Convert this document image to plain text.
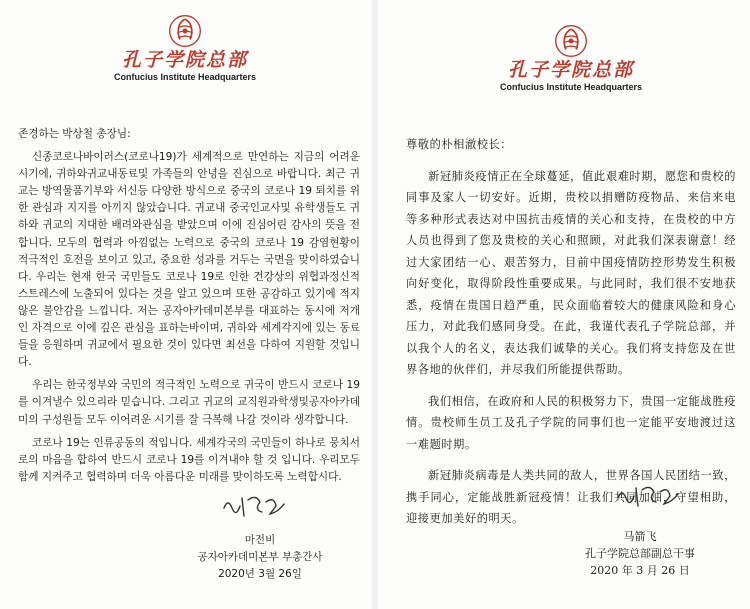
孔子学院总部
Confucius Institute Headquarters

존경하는 박상철 총장님:

신종코로나바이러스(코로나19)가 세계적으로 만연하는 지금의 어려운시기에, 귀하와귀교내동료및 가족들의 안녕을 진심으로 바랍니다. 최근 귀교는 방역물품기부와 서신등 다양한 방식으로 중국의 코로나 19 퇴치를 위한 관심과 지지를 아끼지 않았습니다. 귀교내 중국인교사및 유학생들도 귀하와 귀교의 지대한 배려와관심을 받았으며 이에 진심어린 감사의 뜻을 전합니다. 모두의 협력과 아낌없는 노력으로 중국의 코로나 19 감염현황이 적극적인 호전을 보이고 있고, 중요한 성과를 거두는 국면을 맞이하였습니다. 우리는 현재 한국 국민들도 코로나 19로 인한 건강상의 위협과정신적 스트레스에 노출되어 있다는 것을 알고 있으며 또한 공감하고 있기에 적지않은 불안감을 느낍니다. 저는 공자아카데미본부를 대표하는 동시에 저개인 자격으로 이에 깊은 관심을 표하는바이며, 귀하와 세계각지에 있는 동료들을 응원하며 귀교에서 필요한 것이 있다면 최선을 다하여 지원할 것입니다.

우리는 한국정부와 국민의 적극적인 노력으로 귀국이 반드시 코로나 19를 이겨낼수 있으리라 믿습니다. 그리고 귀교의 교직원과학생및공자아카데미의 구성원들 모두 이어려운 시기를 잘 극복해 나갈 것이라 생각합니다.

코로나 19는 인류공동의 적입니다. 세계각국의 국민들이 하나로 뭉치서로의 마음을 합하여 반드시 코로나 19를 이겨내야 할 것 입니다. 우리모두 함께 지켜주고 협력하며 더욱 아름다운 미래를 맞이하도록 노력합시다.

마전비
공자아카데미본부 부총간사
2020년 3월 26일
孔子学院总部
Confucius Institute Headquarters

尊敬的朴相澈校长：

新冠肺炎疫情正在全球蔓延，值此艰难时期，愿您和贵校的同事及家人一切安好。近期，贵校以捐赠防疫物品、来信来电等多种形式表达对中国抗击疫情的关心和支持，在贵校的中方人员也得到了您及贵校的关心和照顾，对此我们深表谢意！经过大家团结一心、艰苦努力，目前中国疫情防控形势发生积极向好变化，取得阶段性重要成果。与此同时，我们很不安地获悉，疫情在贵国日趋严重，民众面临着较大的健康风险和身心压力，对此我们感同身受。在此，我谨代表孔子学院总部，并以我个人的名义，表达我们诚挚的关心。我们将支持您及在世界各地的伙伴们，并尽我们所能提供帮助。

我们相信，在政府和人民的积极努力下，贵国一定能战胜疫情。贵校师生员工及孔子学院的同事们也一定能平安地渡过这一难题时期。

新冠肺炎病毒是人类共同的敌人，世界各国人民团结一致，携手同心，定能战胜新冠疫情！让我们共同加油，守望相助，迎接更加美好的明天。

马箭飞
孔子学院总部副总干事
2020 年 3 月 26 日
